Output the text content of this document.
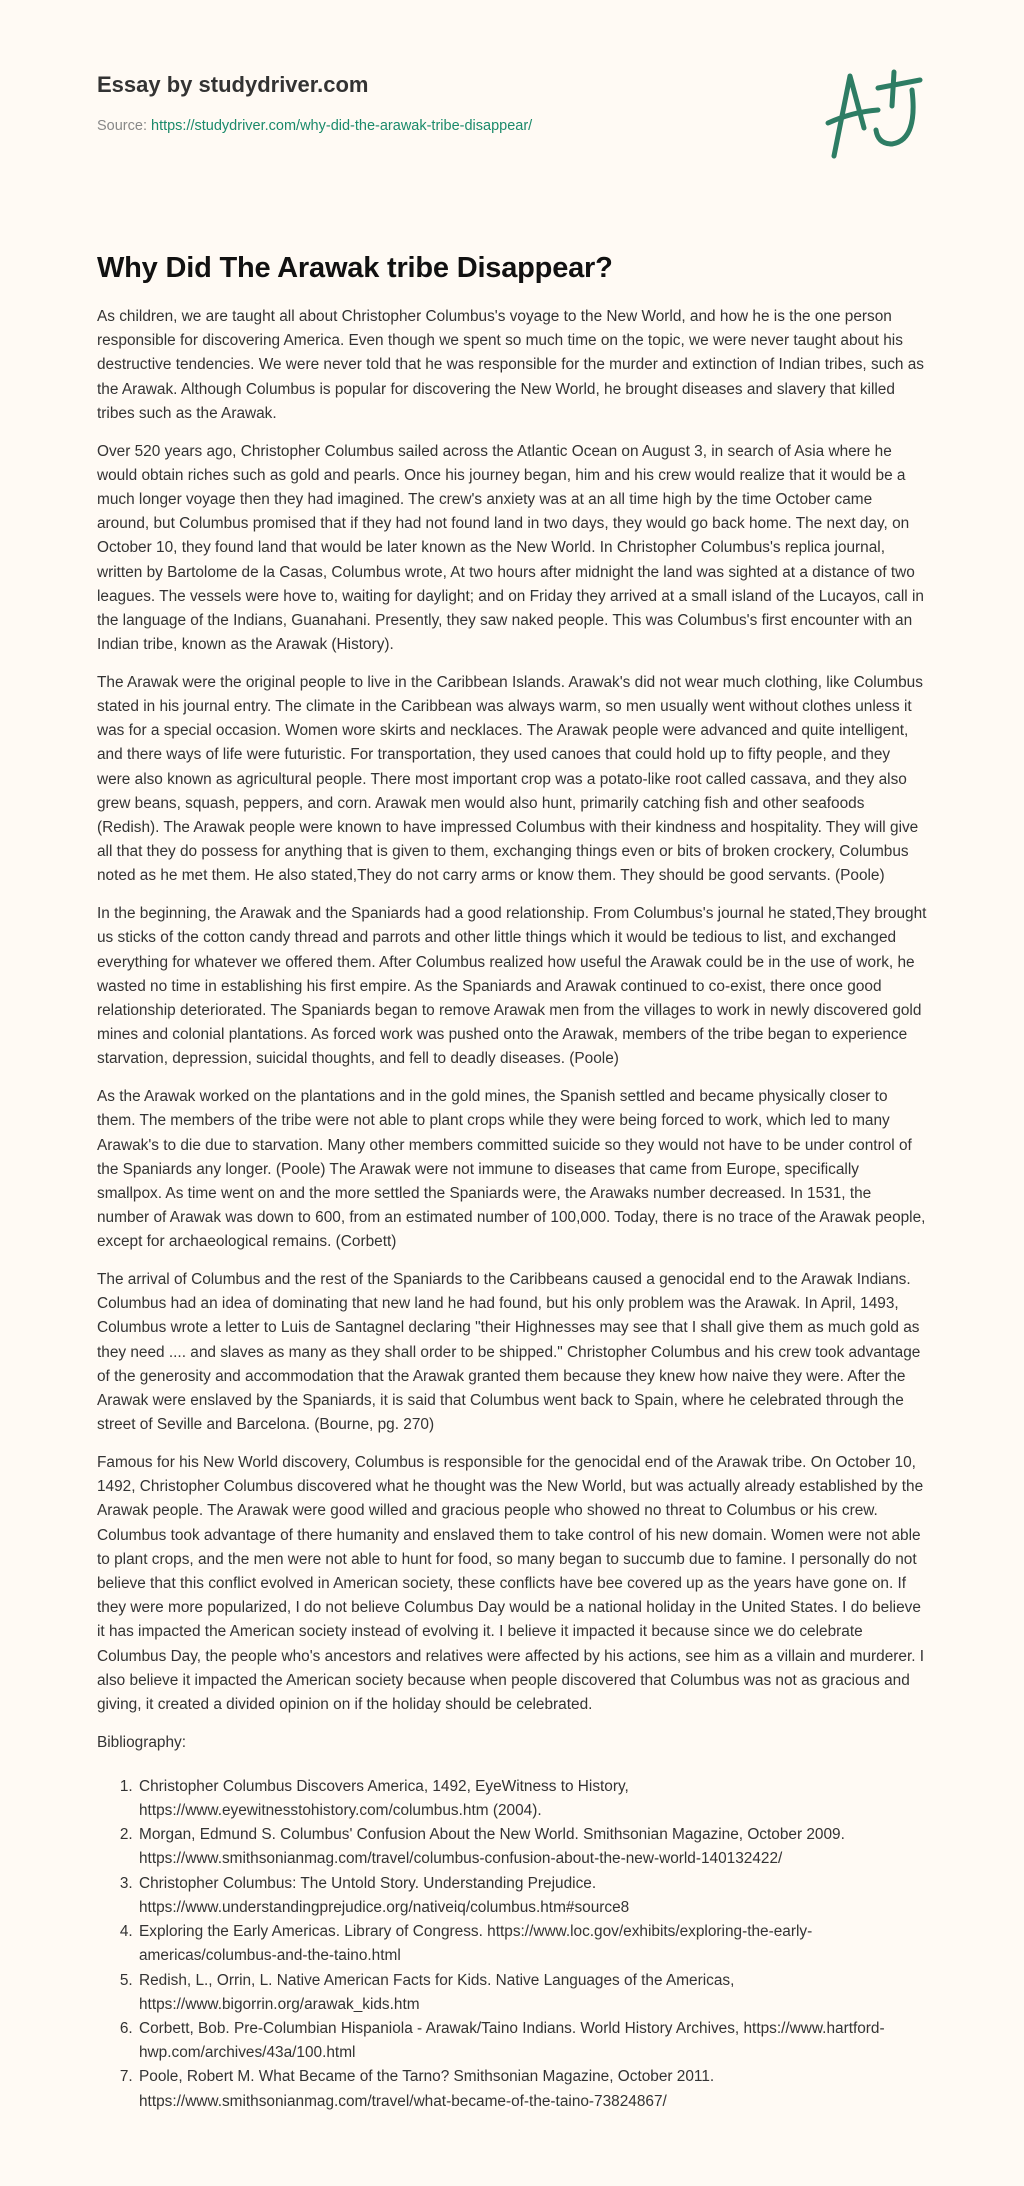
Essay by studydriver.com
Source: https://studydriver.com/why-did-the-arawak-tribe-disappear/
Why Did The Arawak tribe Disappear?

As children, we are taught all about Christopher Columbus's voyage to the New World, and how he is the one person responsible for discovering America. Even though we spent so much time on the topic, we were never taught about his destructive tendencies. We were never told that he was responsible for the murder and extinction of Indian tribes, such as the Arawak. Although Columbus is popular for discovering the New World, he brought diseases and slavery that killed tribes such as the Arawak.

Over 520 years ago, Christopher Columbus sailed across the Atlantic Ocean on August 3, in search of Asia where he would obtain riches such as gold and pearls. Once his journey began, him and his crew would realize that it would be a much longer voyage then they had imagined. The crew's anxiety was at an all time high by the time October came around, but Columbus promised that if they had not found land in two days, they would go back home. The next day, on October 10, they found land that would be later known as the New World. In Christopher Columbus's replica journal, written by Bartolome de la Casas, Columbus wrote, At two hours after midnight the land was sighted at a distance of two leagues. The vessels were hove to, waiting for daylight; and on Friday they arrived at a small island of the Lucayos, call in the language of the Indians, Guanahani. Presently, they saw naked people. This was Columbus's first encounter with an Indian tribe, known as the Arawak (History).

The Arawak were the original people to live in the Caribbean Islands. Arawak's did not wear much clothing, like Columbus stated in his journal entry. The climate in the Caribbean was always warm, so men usually went without clothes unless it was for a special occasion. Women wore skirts and necklaces. The Arawak people were advanced and quite intelligent, and there ways of life were futuristic. For transportation, they used canoes that could hold up to fifty people, and they were also known as agricultural people. There most important crop was a potato-like root called cassava, and they also grew beans, squash, peppers, and corn. Arawak men would also hunt, primarily catching fish and other seafoods (Redish). The Arawak people were known to have impressed Columbus with their kindness and hospitality. They will give all that they do possess for anything that is given to them, exchanging things even or bits of broken crockery, Columbus noted as he met them. He also stated,They do not carry arms or know them. They should be good servants. (Poole)

In the beginning, the Arawak and the Spaniards had a good relationship. From Columbus's journal he stated,They brought us sticks of the cotton candy thread and parrots and other little things which it would be tedious to list, and exchanged everything for whatever we offered them. After Columbus realized how useful the Arawak could be in the use of work, he wasted no time in establishing his first empire. As the Spaniards and Arawak continued to co-exist, there once good relationship deteriorated. The Spaniards began to remove Arawak men from the villages to work in newly discovered gold mines and colonial plantations. As forced work was pushed onto the Arawak, members of the tribe began to experience starvation, depression, suicidal thoughts, and fell to deadly diseases. (Poole)

As the Arawak worked on the plantations and in the gold mines, the Spanish settled and became physically closer to them. The members of the tribe were not able to plant crops while they were being forced to work, which led to many Arawak's to die due to starvation. Many other members committed suicide so they would not have to be under control of the Spaniards any longer. (Poole) The Arawak were not immune to diseases that came from Europe, specifically smallpox. As time went on and the more settled the Spaniards were, the Arawaks number decreased. In 1531, the number of Arawak was down to 600, from an estimated number of 100,000. Today, there is no trace of the Arawak people, except for archaeological remains. (Corbett)

The arrival of Columbus and the rest of the Spaniards to the Caribbeans caused a genocidal end to the Arawak Indians. Columbus had an idea of dominating that new land he had found, but his only problem was the Arawak. In April, 1493, Columbus wrote a letter to Luis de Santagnel declaring "their Highnesses may see that I shall give them as much gold as they need .... and slaves as many as they shall order to be shipped." Christopher Columbus and his crew took advantage of the generosity and accommodation that the Arawak granted them because they knew how naive they were. After the Arawak were enslaved by the Spaniards, it is said that Columbus went back to Spain, where he celebrated through the street of Seville and Barcelona. (Bourne, pg. 270)

Famous for his New World discovery, Columbus is responsible for the genocidal end of the Arawak tribe. On October 10, 1492, Christopher Columbus discovered what he thought was the New World, but was actually already established by the Arawak people. The Arawak were good willed and gracious people who showed no threat to Columbus or his crew. Columbus took advantage of there humanity and enslaved them to take control of his new domain. Women were not able to plant crops, and the men were not able to hunt for food, so many began to succumb due to famine. I personally do not believe that this conflict evolved in American society, these conflicts have bee covered up as the years have gone on. If they were more popularized, I do not believe Columbus Day would be a national holiday in the United States. I do believe it has impacted the American society instead of evolving it. I believe it impacted it because since we do celebrate Columbus Day, the people who's ancestors and relatives were affected by his actions, see him as a villain and murderer. I also believe it impacted the American society because when people discovered that Columbus was not as gracious and giving, it created a divided opinion on if the holiday should be celebrated.

Bibliography:

1. Christopher Columbus Discovers America, 1492, EyeWitness to History, https://www.eyewitnesstohistory.com/columbus.htm (2004).
2. Morgan, Edmund S. Columbus' Confusion About the New World. Smithsonian Magazine, October 2009. https://www.smithsonianmag.com/travel/columbus-confusion-about-the-new-world-140132422/
3. Christopher Columbus: The Untold Story. Understanding Prejudice. https://www.understandingprejudice.org/nativeiq/columbus.htm#source8
4. Exploring the Early Americas. Library of Congress. https://www.loc.gov/exhibits/exploring-the-early-americas/columbus-and-the-taino.html
5. Redish, L., Orrin, L. Native American Facts for Kids. Native Languages of the Americas, https://www.bigorrin.org/arawak_kids.htm
6. Corbett, Bob. Pre-Columbian Hispaniola - Arawak/Taino Indians. World History Archives, https://www.hartford-hwp.com/archives/43a/100.html
7. Poole, Robert M. What Became of the Tarno? Smithsonian Magazine, October 2011. https://www.smithsonianmag.com/travel/what-became-of-the-taino-73824867/
